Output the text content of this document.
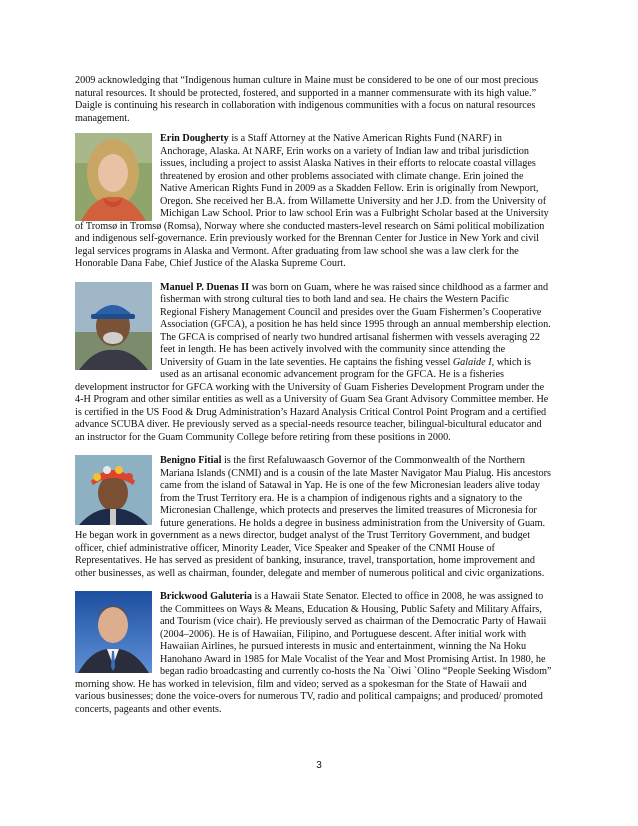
2009 acknowledging that “Indigenous human culture in Maine must be considered to be one of our most precious

natural resources. It should be protected, fostered, and supported in a manner commensurate with its high value.”

Daigle is continuing his research in collaboration with indigenous communities with a focus on natural resources

management.

Erin Dougherty is a Staff Attorney at the Native American Rights Fund (NARF) in

Anchorage, Alaska. At NARF, Erin works on a variety of Indian law and tribal jurisdiction

issues, including a project to assist Alaska Natives in their efforts to relocate coastal villages

threatened by erosion and other problems associated with climate change. Erin joined the

Native American Rights Fund in 2009 as a Skadden Fellow. Erin is originally from Newport,

Oregon. She received her B.A. from Willamette University and her J.D. from the University of

Michigan Law School. Prior to law school Erin was a Fulbright Scholar based at the University

of Tromsø in Tromsø (Romsa), Norway where she conducted masters-level research on Sámi political mobilization

and indigenous self-governance. Erin previously worked for the Brennan Center for Justice in New York and civil

legal services programs in Alaska and Vermont. After graduating from law school she was a law clerk for the

Honorable Dana Fabe, Chief Justice of the Alaska Supreme Court.

Manuel P. Duenas II was born on Guam, where he was raised since childhood as a farmer and

fisherman with strong cultural ties to both land and sea. He chairs the Western Pacific

Regional Fishery Management Council and presides over the Guam Fishermen’s Cooperative

Association (GFCA), a position he has held since 1995 through an annual membership election.

The GFCA is comprised of nearly two hundred artisanal fishermen with vessels averaging 22

feet in length. He has been actively involved with the community since attending the

University of Guam in the late seventies. He captains the fishing vessel Galaide I, which is

used as an artisanal economic advancement program for the GFCA. He is a fisheries

development instructor for GFCA working with the University of Guam Fisheries Development Program under the

4-H Program and other similar entities as well as a University of Guam Sea Grant Advisory Committee member. He

is certified in the US Food & Drug Administration’s Hazard Analysis Critical Control Point Program and a certified

advance SCUBA diver. He previously served as a special-needs resource teacher, bilingual-bicultural educator and

an instructor for the Guam Community College before retiring from these positions in 2000.

Benigno Fitial is the first Refaluwaasch Governor of the Commonwealth of the Northern

Mariana Islands (CNMI) and is a cousin of the late Master Navigator Mau Pialug. His ancestors

came from the island of Satawal in Yap. He is one of the few Micronesian leaders alive today

from the Trust Territory era. He is a champion of indigenous rights and a signatory to the

Micronesian Challenge, which protects and preserves the limited treasures of Micronesia for

future generations. He holds a degree in business administration from the University of Guam.

He began work in government as a news director, budget analyst of the Trust Territory Government, and budget

officer, chief administrative officer, Minority Leader, Vice Speaker and Speaker of the CNMI House of

Representatives. He has served as president of banking, insurance, travel, transportation, home improvement and

other businesses, as well as chairman, founder, delegate and member of numerous political and civic organizations.

Brickwood Galuteria is a Hawaii State Senator. Elected to office in 2008, he was assigned to

the Committees on Ways & Means, Education & Housing, Public Safety and Military Affairs,

and Tourism (vice chair). He previously served as chairman of the Democratic Party of Hawaii

(2004–2006). He is of Hawaiian, Filipino, and Portuguese descent. After initial work with

Hawaiian Airlines, he pursued interests in music and entertainment, winning the Na Hoku

Hanohano Award in 1985 for Male Vocalist of the Year and Most Promising Artist. In 1980, he

began radio broadcasting and currently co-hosts the Na `Oiwi `Olino “People Seeking Wisdom”

morning show. He has worked in television, film and video; served as a spokesman for the State of Hawaii and

various businesses; done the voice-overs for numerous TV, radio and political campaigns; and produced/ promoted

concerts, pageants and other events.

3
